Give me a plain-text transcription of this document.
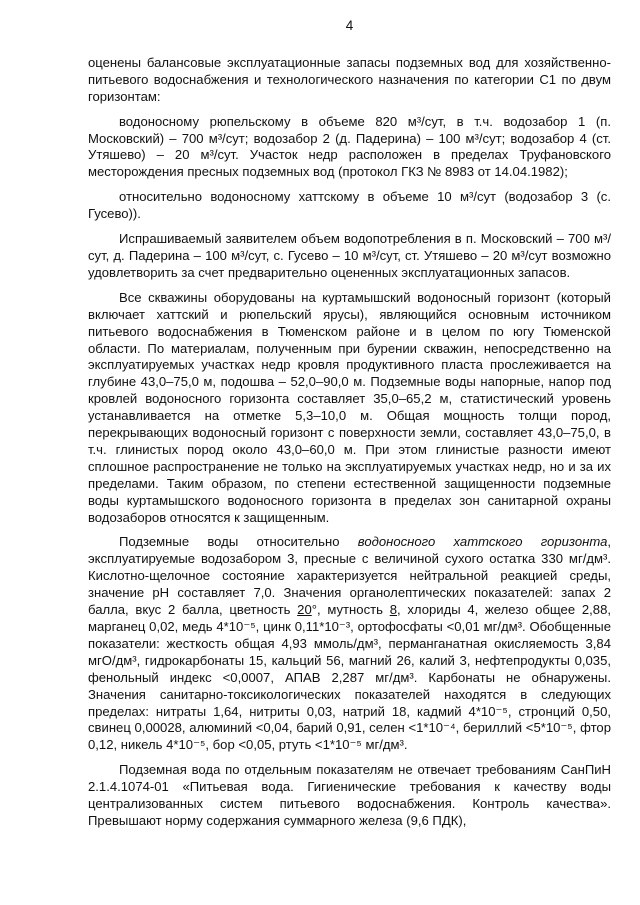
4

оценены балансовые эксплуатационные запасы подземных вод для хозяйственно-питьевого водоснабжения и технологического назначения по категории С1 по двум горизонтам:

водоносному рюпельскому в объеме 820 м³/сут, в т.ч. водозабор 1 (п. Московский) – 700 м³/сут; водозабор 2 (д. Падерина) – 100 м³/сут; водозабор 4 (ст. Утяшево) – 20 м³/сут. Участок недр расположен в пределах Труфановского месторождения пресных подземных вод (протокол ГКЗ № 8983 от 14.04.1982);

относительно водоносному хаттскому в объеме 10 м³/сут (водозабор 3 (с. Гусево)).

Испрашиваемый заявителем объем водопотребления в п. Московский – 700 м³/сут, д. Падерина – 100 м³/сут, с. Гусево – 10 м³/сут, ст. Утяшево – 20 м³/сут возможно удовлетворить за счет предварительно оцененных эксплуатационных запасов.

Все скважины оборудованы на куртамышский водоносный горизонт (который включает хаттский и рюпельский ярусы), являющийся основным источником питьевого водоснабжения в Тюменском районе и в целом по югу Тюменской области. По материалам, полученным при бурении скважин, непосредственно на эксплуатируемых участках недр кровля продуктивного пласта прослеживается на глубине 43,0–75,0 м, подошва – 52,0–90,0 м. Подземные воды напорные, напор под кровлей водоносного горизонта составляет 35,0–65,2 м, статистический уровень устанавливается на отметке 5,3–10,0 м. Общая мощность толщи пород, перекрывающих водоносный горизонт с поверхности земли, составляет 43,0–75,0, в т.ч. глинистых пород около 43,0–60,0 м. При этом глинистые разности имеют сплошное распространение не только на эксплуатируемых участках недр, но и за их пределами. Таким образом, по степени естественной защищенности подземные воды куртамышского водоносного горизонта в пределах зон санитарной охраны водозаборов относятся к защищенным.

Подземные воды относительно водоносного хаттского горизонта, эксплуатируемые водозабором 3, пресные с величиной сухого остатка 330 мг/дм³. Кислотно-щелочное состояние характеризуется нейтральной реакцией среды, значение pH составляет 7,0. Значения органолептических показателей: запах 2 балла, вкус 2 балла, цветность 20°, мутность 8, хлориды 4, железо общее 2,88, марганец 0,02, медь 4*10⁻⁵, цинк 0,11*10⁻³, ортофосфаты <0,01 мг/дм³. Обобщенные показатели: жесткость общая 4,93 ммоль/дм³, перманганатная окисляемость 3,84 мгО/дм³, гидрокарбонаты 15, кальций 56, магний 26, калий 3, нефтепродукты 0,035, фенольный индекс <0,0007, АПАВ 2,287 мг/дм³. Карбонаты не обнаружены. Значения санитарно-токсикологических показателей находятся в следующих пределах: нитраты 1,64, нитриты 0,03, натрий 18, кадмий 4*10⁻⁵, стронций 0,50, свинец 0,00028, алюминий <0,04, барий 0,91, селен <1*10⁻⁴, бериллий <5*10⁻⁵, фтор 0,12, никель 4*10⁻⁵, бор <0,05, ртуть <1*10⁻⁵ мг/дм³.

Подземная вода по отдельным показателям не отвечает требованиям СанПиН 2.1.4.1074-01 «Питьевая вода. Гигиенические требования к качеству воды централизованных систем питьевого водоснабжения. Контроль качества». Превышают норму содержания суммарного железа (9,6 ПДК),
